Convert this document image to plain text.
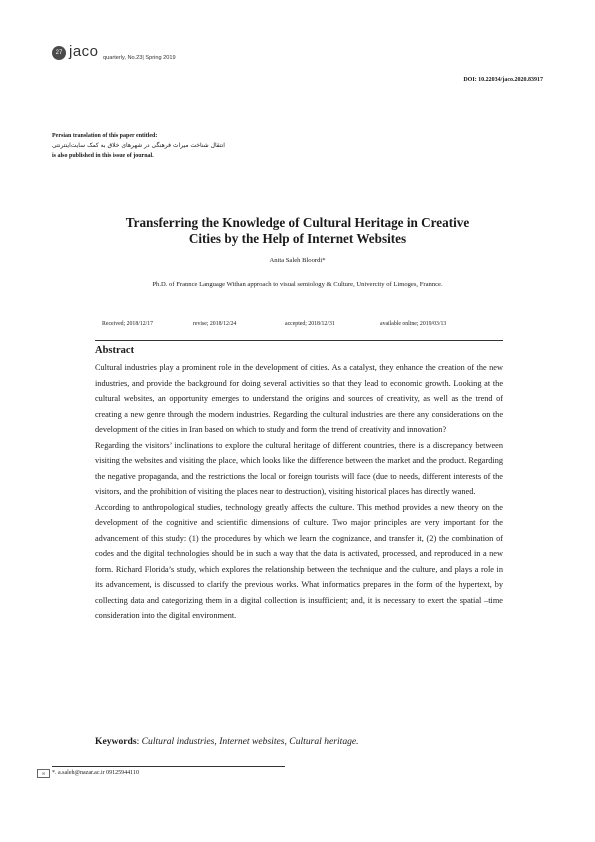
27 jaco quarterly, No.23| Spring 2019
DOI: 10.22034/jaco.2020.83917
Persian translation of this paper entitled:
انتقال شناخت میراث فرهنگی در شهرهای خلاق به کمک سایت‌اینترنتی
is also published in this issue of journal.
Transferring the Knowledge of Cultural Heritage in Creative
Cities by the Help of Internet Websites
Anita Saleh Bloordi*
Ph.D. of Frannce Language Withan approach to visual semiology & Culture, Univercity of Limoges, Frannce.
Received; 2018/12/17	revise; 2018/12/24	accepted; 2018/12/31	available online; 2019/03/13
Abstract

Cultural industries play a prominent role in the development of cities. As a catalyst, they enhance the creation of the new industries, and provide the background for doing several activities so that they lead to economic growth. Looking at the cultural websites, an opportunity emerges to understand the origins and sources of creativity, as well as the trend of creating a new genre through the modern industries. Regarding the cultural industries are there any considerations on the development of the cities in Iran based on which to study and form the trend of creativity and innovation?

Regarding the visitors’ inclinations to explore the cultural heritage of different countries, there is a discrepancy between visiting the websites and visiting the place, which looks like the difference between the market and the product. Regarding the negative propaganda, and the restrictions the local or foreign tourists will face (due to needs, different interests of the visitors, and the prohibition of visiting the places near to destruction), visiting historical places has directly waned.

According to anthropological studies, technology greatly affects the culture. This method provides a new theory on the development of the cognitive and scientific dimensions of culture. Two major principles are very important for the advancement of this study: (1) the procedures by which we learn the cognizance, and transfer it, (2) the combination of codes and the digital technologies should be in such a way that the data is activated, processed, and reproduced in a new form. Richard Florida’s study, which explores the relationship between the technique and the culture, and plays a role in its advancement, is discussed to clarify the previous works. What informatics prepares in the form of the hypertext, by collecting data and categorizing them in a digital collection is insufficient; and, it is necessary to exert the spatial –time consideration into the digital environment.

Keywords: Cultural industries, Internet websites, Cultural heritage.
✉	*. a.saleh@nazar.ac.ir 09125944110
